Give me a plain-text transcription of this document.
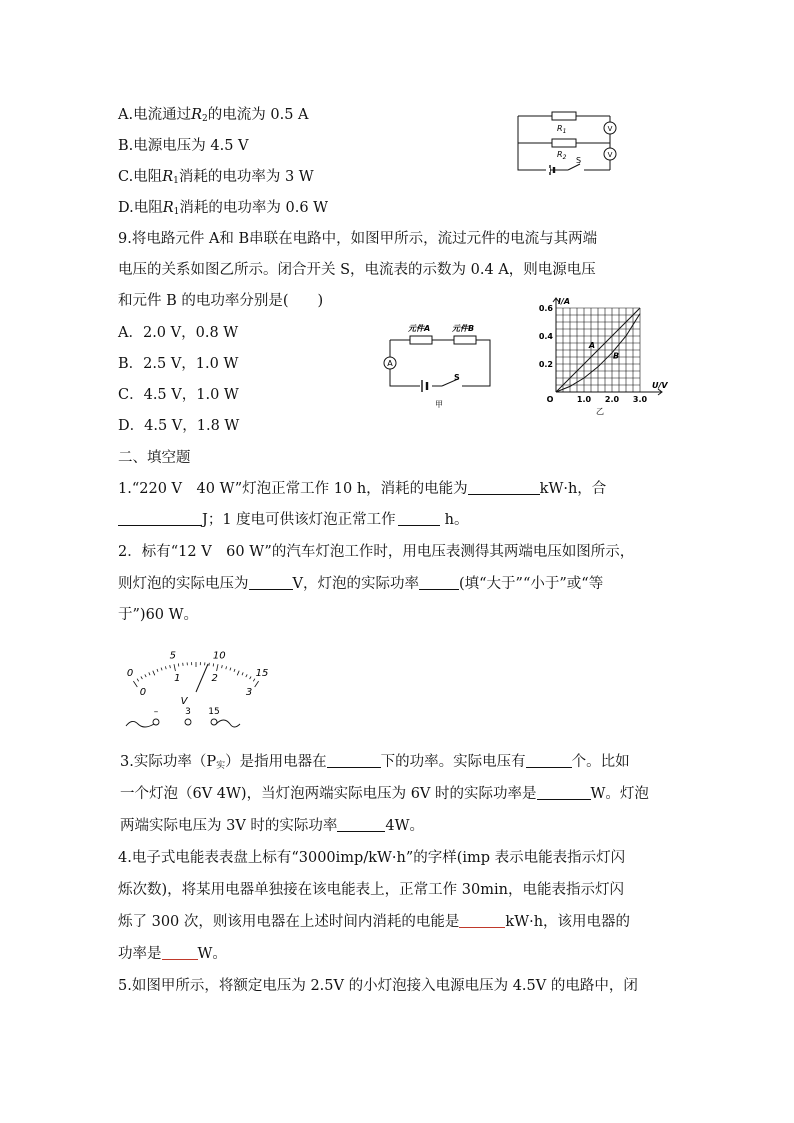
A.电流通过$R_2$的电流为 0.5 A
B.电源电压为 4.5 V
C.电阻$R_1$消耗的电功率为 3 W
D.电阻$R_1$消耗的电功率为 0.6 W
V
V
$R_1$
$R_2$ S
9.将电路元件 A和 B串联在电路中，如图甲所示，流过元件的电流与其两端
电压的关系如图乙所示。闭合开关 S，电流表的示数为 0.4 A，则电源电压
和元件 B 的电功率分别是(　　)
A．2.0 V，0.8 W
B．2.5 V，1.0 W
C．4.5 V，1.0 W
D．4.5 V，1.8 W
A
元件A	元件B
S
甲
1.0 2.0 3.0
0.2
0.4
0.6
O
I/A
U/V
乙
A
B
二、填空题
1.“220 V　40 W”灯泡正常工作 10 h，消耗的电能为	kW·h，合
J；1 度电可供该灯泡正常工作	h。
2．标有“12 V　60 W”的汽车灯泡工作时，用电压表测得其两端电压如图所示，
则灯泡的实际电压为	V，灯泡的实际功率	(填“大于”“小于”或“等
于”)60 W。
0
5	10
15
0
1	2
3
V
–	3 15
3.实际功率$(P_实)$是指用电器在	下的功率。实际电压有	个。比如
一个灯泡（6V 4W)，当灯泡两端实际电压为 6V 时的实际功率是	W。灯泡
两端实际电压为 3V 时的实际功率	4W。
4.电子式电能表表盘上标有“3000imp/kW·h”的字样(imp 表示电能表指示灯闪
烁次数)，将某用电器单独接在该电能表上，正常工作 30min，电能表指示灯闪
烁了 300 次，则该用电器在上述时间内消耗的电能是	kW·h，该用电器的
功率是 W。
5.如图甲所示，将额定电压为 2.5V 的小灯泡接入电源电压为 4.5V 的电路中，闭
